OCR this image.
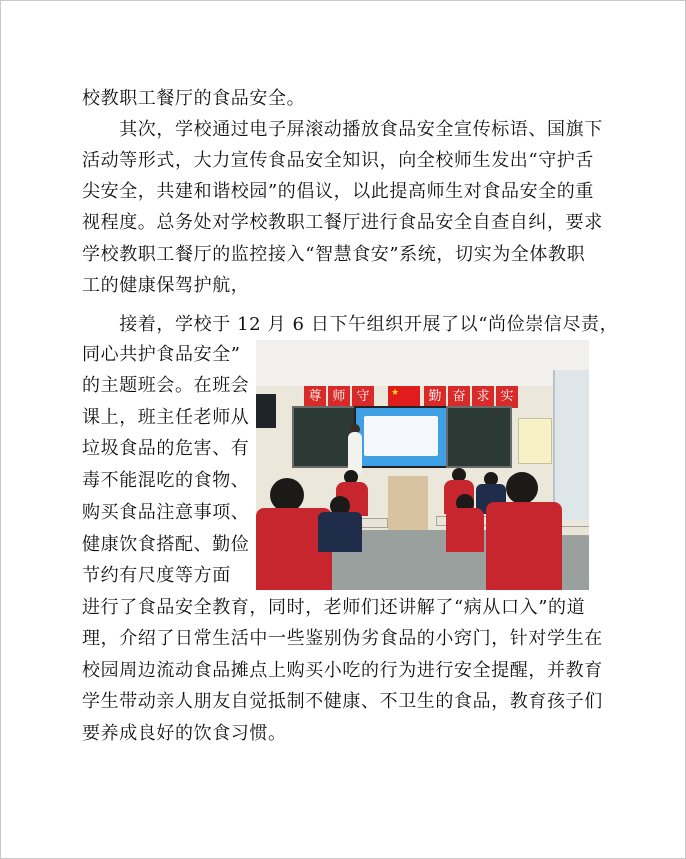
校教职工餐厅的食品安全。
　　其次，学校通过电子屏滚动播放食品安全宣传标语、国旗下
活动等形式，大力宣传食品安全知识，向全校师生发出“守护舌
尖安全，共建和谐校园”的倡议，以此提高师生对食品安全的重
视程度。总务处对学校教职工餐厅进行食品安全自查自纠，要求
学校教职工餐厅的监控接入“智慧食安”系统，切实为全体教职
工的健康保驾护航，
　　接着，学校于 12 月 6 日下午组织开展了以“尚俭崇信尽责，
同心共护食品安全”
的主题班会。在班会
课上，班主任老师从
垃圾食品的危害、有
毒不能混吃的食物、
购买食品注意事项、
健康饮食搭配、勤俭
节约有尺度等方面
尊 师 守	★	勤 奋 求 实
进行了食品安全教育，同时，老师们还讲解了“病从口入”的道
理，介绍了日常生活中一些鉴别伪劣食品的小窍门，针对学生在
校园周边流动食品摊点上购买小吃的行为进行安全提醒，并教育
学生带动亲人朋友自觉抵制不健康、不卫生的食品，教育孩子们
要养成良好的饮食习惯。
